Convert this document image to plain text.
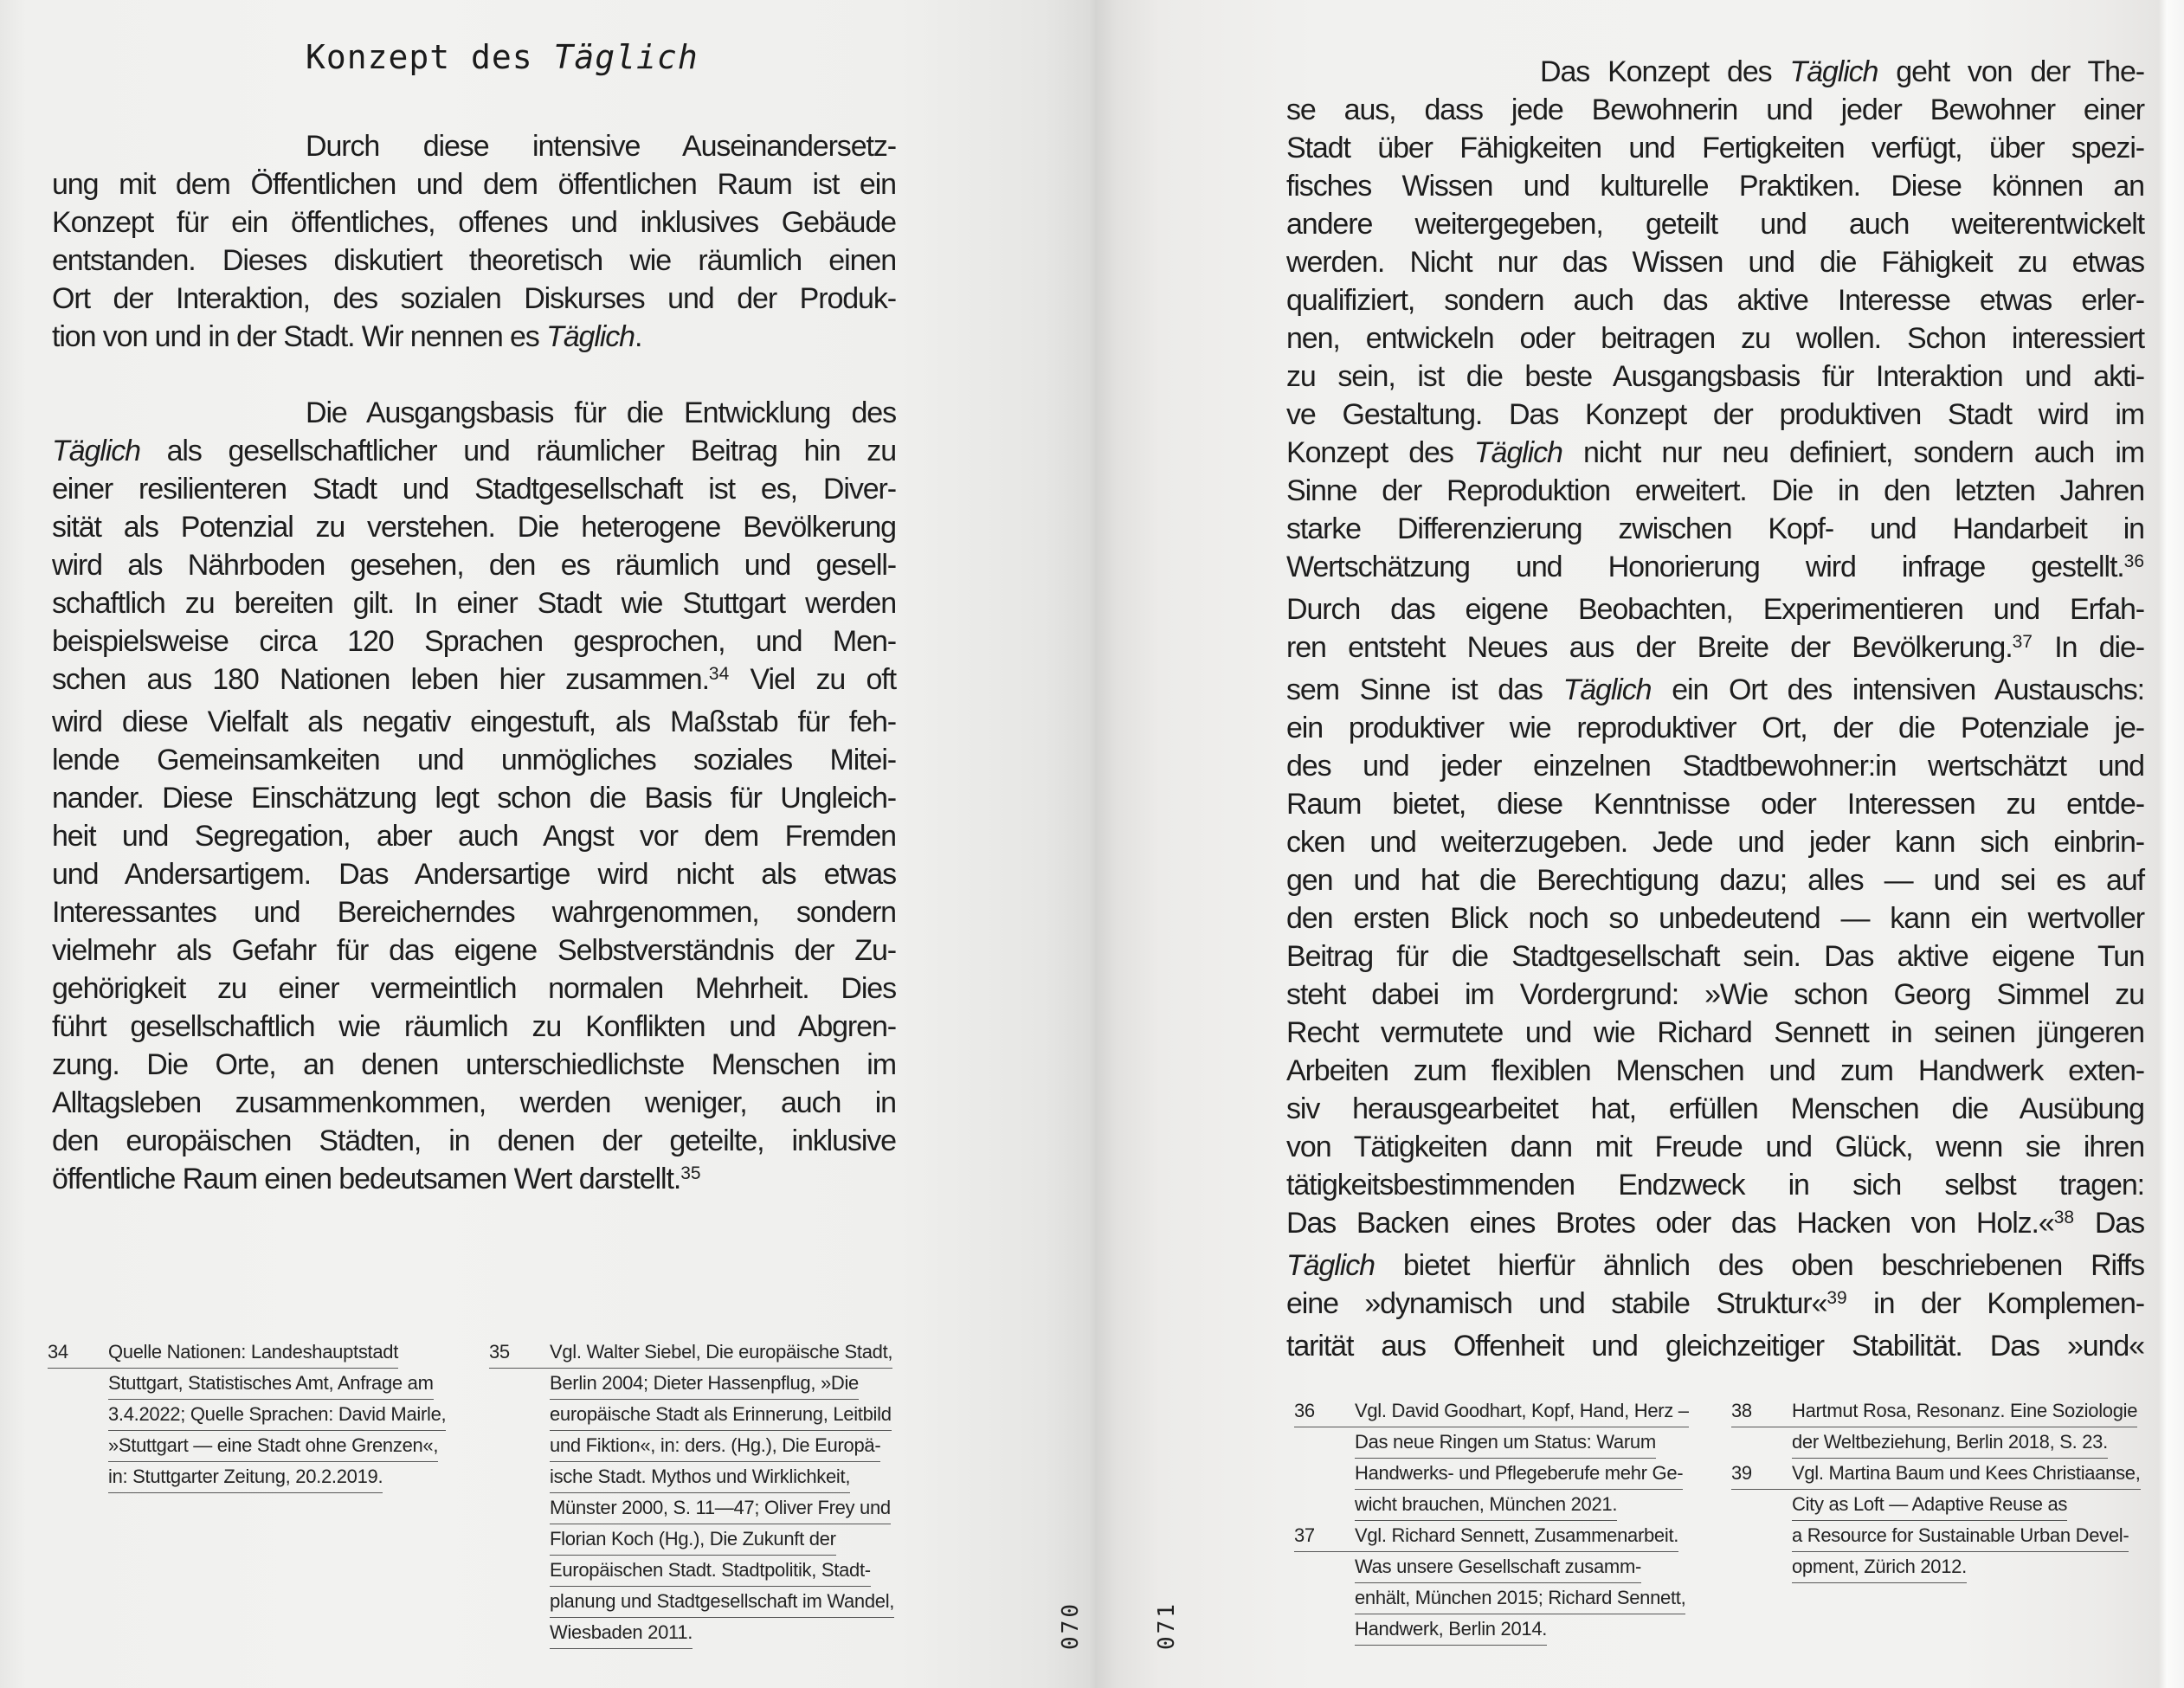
Konzept des Täglich
Durch diese intensive Auseinandersetz-
ung mit dem Öffentlichen und dem öffentlichen Raum ist ein
Konzept für ein öffentliches, offenes und inklusives Gebäude
entstanden. Dieses diskutiert theoretisch wie räumlich einen
Ort der Interaktion, des sozialen Diskurses und der Produk-
tion von und in der Stadt. Wir nennen es Täglich.
Die Ausgangsbasis für die Entwicklung des
Täglich als gesellschaftlicher und räumlicher Beitrag hin zu
einer resilienteren Stadt und Stadtgesellschaft ist es, Diver-
sität als Potenzial zu verstehen. Die heterogene Bevölkerung
wird als Nährboden gesehen, den es räumlich und gesell-
schaftlich zu bereiten gilt. In einer Stadt wie Stuttgart werden
beispielsweise circa 120 Sprachen gesprochen, und Men-
schen aus 180 Nationen leben hier zusammen.$^{34}$ Viel zu oft
wird diese Vielfalt als negativ eingestuft, als Maßstab für feh-
lende Gemeinsamkeiten und unmögliches soziales Mitei-
nander. Diese Einschätzung legt schon die Basis für Ungleich-
heit und Segregation, aber auch Angst vor dem Fremden
und Andersartigem. Das Andersartige wird nicht als etwas
Interessantes und Bereicherndes wahrgenommen, sondern
vielmehr als Gefahr für das eigene Selbstverständnis der Zu-
gehörigkeit zu einer vermeintlich normalen Mehrheit. Dies
führt gesellschaftlich wie räumlich zu Konflikten und Abgren-
zung. Die Orte, an denen unterschiedlichste Menschen im
Alltagsleben zusammenkommen, werden weniger, auch in
den europäischen Städten, in denen der geteilte, inklusive
öffentliche Raum einen bedeutsamen Wert darstellt.$^{35}$
Das Konzept des Täglich geht von der The-
se aus, dass jede Bewohnerin und jeder Bewohner einer
Stadt über Fähigkeiten und Fertigkeiten verfügt, über spezi-
fisches Wissen und kulturelle Praktiken. Diese können an
andere weitergegeben, geteilt und auch weiterentwickelt
werden. Nicht nur das Wissen und die Fähigkeit zu etwas
qualifiziert, sondern auch das aktive Interesse etwas erler-
nen, entwickeln oder beitragen zu wollen. Schon interessiert
zu sein, ist die beste Ausgangsbasis für Interaktion und akti-
ve Gestaltung. Das Konzept der produktiven Stadt wird im
Konzept des Täglich nicht nur neu definiert, sondern auch im
Sinne der Reproduktion erweitert. Die in den letzten Jahren
starke Differenzierung zwischen Kopf- und Handarbeit in
Wertschätzung und Honorierung wird infrage gestellt.$^{36}$
Durch das eigene Beobachten, Experimentieren und Erfah-
ren entsteht Neues aus der Breite der Bevölkerung.$^{37}$ In die-
sem Sinne ist das Täglich ein Ort des intensiven Austauschs:
ein produktiver wie reproduktiver Ort, der die Potenziale je-
des und jeder einzelnen Stadtbewohner:in wertschätzt und
Raum bietet, diese Kenntnisse oder Interessen zu entde-
cken und weiterzugeben. Jede und jeder kann sich einbrin-
gen und hat die Berechtigung dazu; alles — und sei es auf
den ersten Blick noch so unbedeutend — kann ein wertvoller
Beitrag für die Stadtgesellschaft sein. Das aktive eigene Tun
steht dabei im Vordergrund: »Wie schon Georg Simmel zu
Recht vermutete und wie Richard Sennett in seinen jüngeren
Arbeiten zum flexiblen Menschen und zum Handwerk exten-
siv herausgearbeitet hat, erfüllen Menschen die Ausübung
von Tätigkeiten dann mit Freude und Glück, wenn sie ihren
tätigkeitsbestimmenden Endzweck in sich selbst tragen:
Das Backen eines Brotes oder das Hacken von Holz.«$^{38}$ Das
Täglich bietet hierfür ähnlich des oben beschriebenen Riffs
eine »dynamisch und stabile Struktur«$^{39}$ in der Komplemen-
tarität aus Offenheit und gleichzeitiger Stabilität. Das »und«
34 Quelle Nationen: Landeshauptstadt
Stuttgart, Statistisches Amt, Anfrage am
3.4.2022; Quelle Sprachen: David Mairle,
»Stuttgart — eine Stadt ohne Grenzen«,
in: Stuttgarter Zeitung, 20.2.2019.
35 Vgl. Walter Siebel, Die europäische Stadt,
Berlin 2004; Dieter Hassenpflug, »Die
europäische Stadt als Erinnerung, Leitbild
und Fiktion«, in: ders. (Hg.), Die Europä-
ische Stadt. Mythos und Wirklichkeit,
Münster 2000, S. 11—47; Oliver Frey und
Florian Koch (Hg.), Die Zukunft der
Europäischen Stadt. Stadtpolitik, Stadt-
planung und Stadtgesellschaft im Wandel,
Wiesbaden 2011.
36 Vgl. David Goodhart, Kopf, Hand, Herz –
Das neue Ringen um Status: Warum
Handwerks- und Pflegeberufe mehr Ge-
wicht brauchen, München 2021.
37 Vgl. Richard Sennett, Zusammenarbeit.
Was unsere Gesellschaft zusamm-
enhält, München 2015; Richard Sennett,
Handwerk, Berlin 2014.
38 Hartmut Rosa, Resonanz. Eine Soziologie
der Weltbeziehung, Berlin 2018, S. 23.
39 Vgl. Martina Baum und Kees Christiaanse,
City as Loft — Adaptive Reuse as
a Resource for Sustainable Urban Devel-
opment, Zürich 2012.
070	071
